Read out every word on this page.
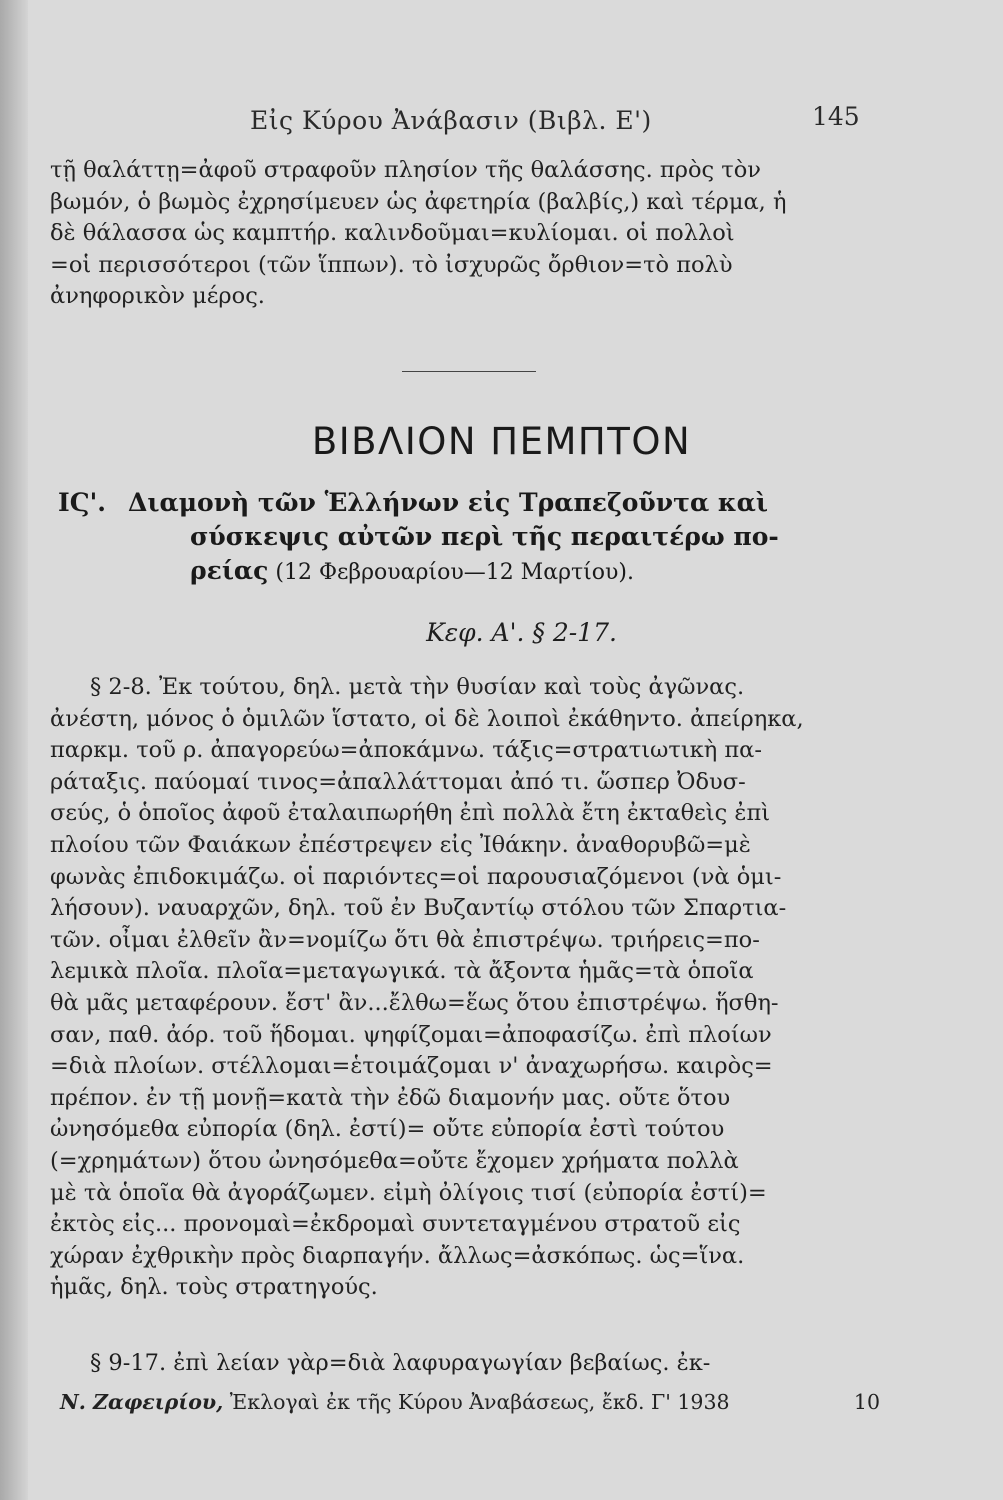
Εἰς Κύρου Ἀνάβασιν (Βιβλ. Ε')	145
τῇ θαλάττῃ=ἀφοῦ στραφοῦν πλησίον τῆς θαλάσσης. πρὸς τὸν
βωμόν, ὁ βωμὸς ἐχρησίμευεν ὡς ἀφετηρία (βαλβίς,) καὶ τέρμα, ἡ
δὲ θάλασσα ὡς καμπτήρ. καλινδοῦμαι=κυλίομαι. οἱ πολλοὶ
=οἱ περισσότεροι (τῶν ἵππων). τὸ ἰσχυρῶς ὄρθιον=τὸ πολὺ
ἀνηφορικὸν μέρος.
ΒΙΒΛΙΟΝ ΠΕΜΠΤΟΝ
ΙϚ'. Διαμονὴ τῶν Ἑλλήνων εἰς Τραπεζοῦντα καὶ
σύσκεψις αὐτῶν περὶ τῆς περαιτέρω πο-
ρείας (12 Φεβρουαρίου—12 Μαρτίου).
Κεφ. Α'. § 2-17.
§ 2-8. Ἐκ τούτου, δηλ. μετὰ τὴν θυσίαν καὶ τοὺς ἀγῶνας.
ἀνέστη, μόνος ὁ ὁμιλῶν ἵστατο, οἱ δὲ λοιποὶ ἐκάθηντο. ἀπείρηκα,
παρκμ. τοῦ ρ. ἀπαγορεύω=ἀποκάμνω. τάξις=στρατιωτικὴ πα-
ράταξις. παύομαί τινος=ἀπαλλάττομαι ἀπό τι. ὥσπερ Ὀδυσ-
σεύς, ὁ ὁποῖος ἀφοῦ ἐταλαιπωρήθη ἐπὶ πολλὰ ἔτη ἐκταθεὶς ἐπὶ
πλοίου τῶν Φαιάκων ἐπέστρεψεν εἰς Ἰθάκην. ἀναθορυβῶ=μὲ
φωνὰς ἐπιδοκιμάζω. οἱ παριόντες=οἱ παρουσιαζόμενοι (νὰ ὁμι-
λήσουν). ναυαρχῶν, δηλ. τοῦ ἐν Βυζαντίῳ στόλου τῶν Σπαρτια-
τῶν. οἶμαι ἐλθεῖν ἂν=νομίζω ὅτι θὰ ἐπιστρέψω. τριήρεις=πο-
λεμικὰ πλοῖα. πλοῖα=μεταγωγικά. τὰ ἄξοντα ἡμᾶς=τὰ ὁποῖα
θὰ μᾶς μεταφέρουν. ἔστ' ἂν...ἔλθω=ἕως ὅτου ἐπιστρέψω. ἥσθη-
σαν, παθ. ἀόρ. τοῦ ἥδομαι. ψηφίζομαι=ἀποφασίζω. ἐπὶ πλοίων
=διὰ πλοίων. στέλλομαι=ἑτοιμάζομαι ν' ἀναχωρήσω. καιρὸς=
πρέπον. ἐν τῇ μονῇ=κατὰ τὴν ἐδῶ διαμονήν μας. οὔτε ὅτου
ὠνησόμεθα εὐπορία (δηλ. ἐστί)= οὔτε εὐπορία ἐστὶ τούτου
(=χρημάτων) ὅτου ὠνησόμεθα=οὔτε ἔχομεν χρήματα πολλὰ
μὲ τὰ ὁποῖα θὰ ἀγοράζωμεν. εἰμὴ ὀλίγοις τισί (εὐπορία ἐστί)=
ἐκτὸς εἰς... προνομαὶ=ἐκδρομαὶ συντεταγμένου στρατοῦ εἰς
χώραν ἐχθρικὴν πρὸς διαρπαγήν. ἄλλως=ἀσκόπως. ὡς=ἵνα.
ἡμᾶς, δηλ. τοὺς στρατηγούς.
§ 9-17. ἐπὶ λείαν γὰρ=διὰ λαφυραγωγίαν βεβαίως. ἐκ-
Ν. Ζαφειρίου, Ἐκλογαὶ ἐκ τῆς Κύρου Ἀναβάσεως, ἔκδ. Γ' 1938	10
